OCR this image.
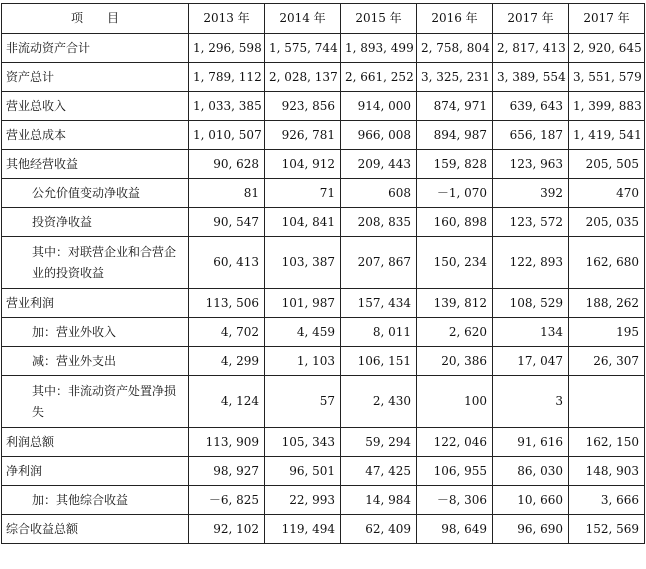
项　　目	2013 年	2014 年	2015 年	2016 年	2017 年	2017 年
非流动资产合计	1, 296, 598	1, 575, 744	1, 893, 499	2, 758, 804	2, 817, 413	2, 920, 645
资产总计	1, 789, 112	2, 028, 137	2, 661, 252	3, 325, 231	3, 389, 554	3, 551, 579
营业总收入	1, 033, 385	923, 856	914, 000	874, 971	639, 643	1, 399, 883
营业总成本	1, 010, 507	926, 781	966, 008	894, 987	656, 187	1, 419, 541
其他经营收益	90, 628	104, 912	209, 443	159, 828	123, 963	205, 505
公允价值变动净收益	81	71	608	－1, 070	392	470
投资净收益	90, 547	104, 841	208, 835	160, 898	123, 572	205, 035
其中：对联营企业和合营企业的投资收益	60, 413	103, 387	207, 867	150, 234	122, 893	162, 680
营业利润	113, 506	101, 987	157, 434	139, 812	108, 529	188, 262
加：营业外收入	4, 702	4, 459	8, 011	2, 620	134	195
减：营业外支出	4, 299	1, 103	106, 151	20, 386	17, 047	26, 307
其中：非流动资产处置净损失	4, 124	57	2, 430	100	3	
利润总额	113, 909	105, 343	59, 294	122, 046	91, 616	162, 150
净利润	98, 927	96, 501	47, 425	106, 955	86, 030	148, 903
加：其他综合收益	－6, 825	22, 993	14, 984	－8, 306	10, 660	3, 666
综合收益总额	92, 102	119, 494	62, 409	98, 649	96, 690	152, 569
